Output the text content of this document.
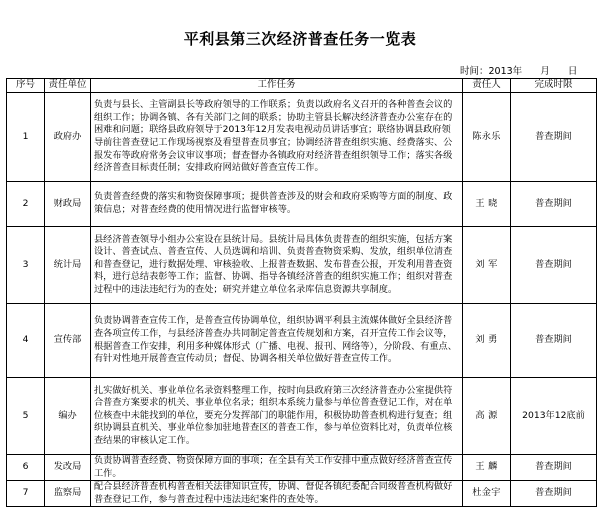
平利县第三次经济普查任务一览表
时间：2013年      月      日
序号	责任单位	工作任务	责任人	完成时限
1	政府办	负责与县长、主管副县长等政府领导的工作联系；负责以政府名义召开的各种普查会议的组织工作；协调各镇、各有关部门之间的联系；协助主管县长解决经济普查办公室存在的困难和问题；联络县政府领导于2013年12月发表电视动员讲话事宜；联络协调县政府领导前往普查登记工作现场视察及看望普查员事宜；协调经济普查组织实施、经费落实、公报发布等政府常务会议审议事项；督查督办各镇政府对经济普查组织领导工作；落实各级经济普查目标责任制；安排政府网站做好普查宣传工作。	陈永乐	普查期间
2	财政局	负责普查经费的落实和物资保障事项；提供普查涉及的财会和政府采购等方面的制度、政策信息；对普查经费的使用情况进行监督审核等。	王 晓	普查期间
3	统计局	县经济普查领导小组办公室设在县统计局。县统计局具体负责普查的组织实施，包括方案设计、普查试点、普查宣传、人员选调和培训、负责普查物资采购、发放，组织单位清查和普查登记，进行数据处理、审核验收、上报普查数据、发布普查公报，开发利用普查资料，进行总结表彰等工作；监督、协调、指导各镇经济普查的组织实施工作；组织对普查过程中的违法违纪行为的查处；研究并建立单位名录库信息资源共享制度。	刘 军	普查期间
4	宣传部	负责协调普查宣传工作，是普查宣传协调单位，组织协调平利县主流媒体做好全县经济普查各项宣传工作，与县经济普查办共同制定普查宣传规划和方案，召开宣传工作会议等，根据普查工作安排，利用多种媒体形式（广播、电视、报刊、网络等），分阶段、有重点、有针对性地开展普查宣传动员；督促、协调各相关单位做好普查宣传工作。	刘 勇	普查期间
5	编办	扎实做好机关、事业单位名录资料整理工作，按时向县政府第三次经济普查办公室提供符合普查方案要求的机关、事业单位名录；组织本系统力量参与单位普查登记工作，对在单位核查中未能找到的单位，要充分发挥部门的职能作用，积极协助普查机构进行复查；组织协调县直机关、事业单位参加驻地普查区的普查工作，参与单位资料比对，负责单位核查结果的审核认定工作。	高 源	2013年12底前
6	发改局	负责协调普查经费、物资保障方面的事项；在全县有关工作安排中重点做好经济普查宣传工作。	王 麟	普查期间
7	监察局	配合县经济普查机构普查相关法律知识宣传，协调、督促各镇纪委配合同级普查机构做好普查登记工作，参与普查过程中违法违纪案件的查处等。	杜金宇	普查期间
